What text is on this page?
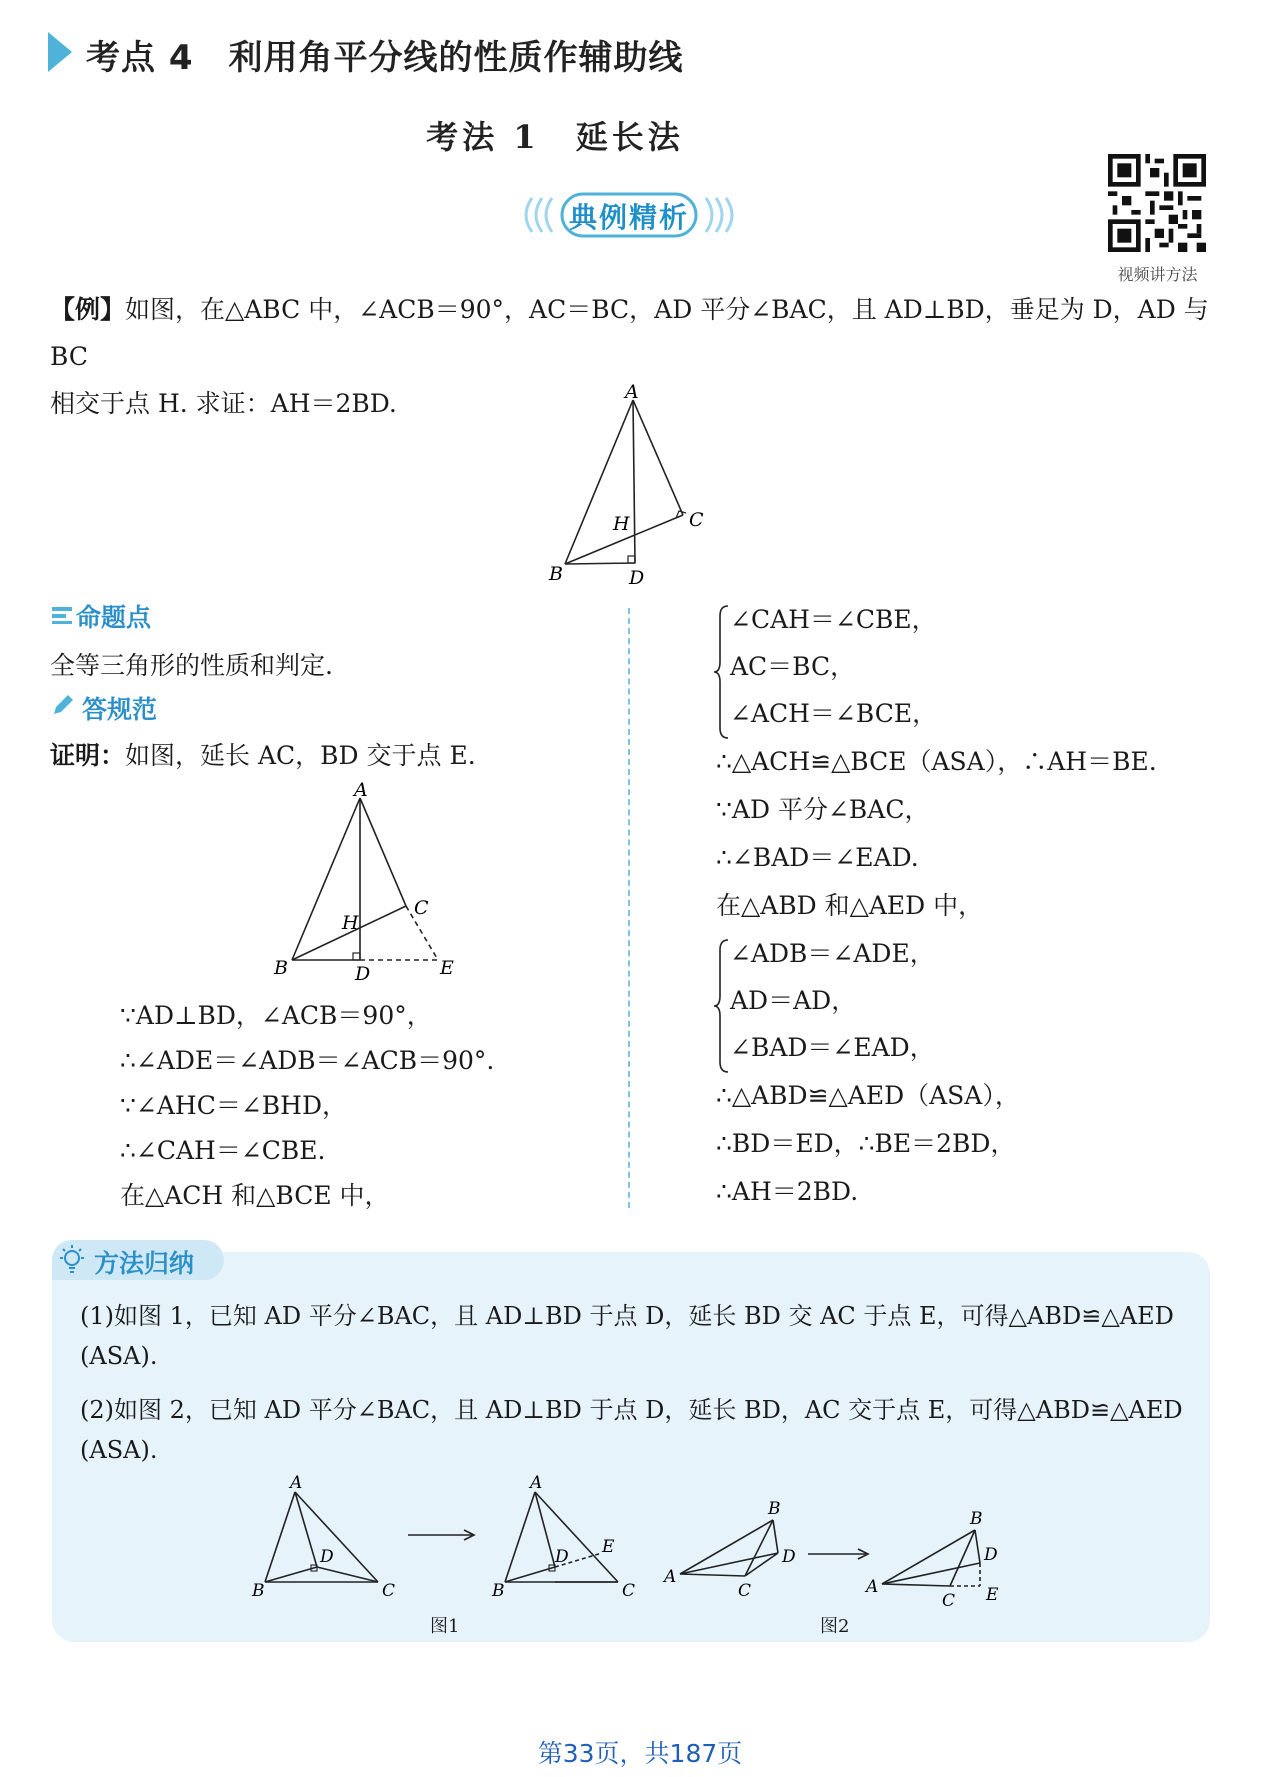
考点 4　利用角平分线的性质作辅助线
考法 1　延长法
典例精析
视频讲方法
【例】如图，在△ABC 中，∠ACB＝90°，AC＝BC，AD 平分∠BAC，且 AD⊥BD，垂足为 D，AD 与 BC
相交于点 H. 求证：AH＝2BD.	A
B
C
D
H
命题点
全等三角形的性质和判定.
答规范
证明：如图，延长 AC，BD 交于点 E.
A
B
C
D
H
E
∵AD⊥BD，∠ACB＝90°，
∴∠ADE＝∠ADB＝∠ACB＝90°.
∵∠AHC＝∠BHD，
∴∠CAH＝∠CBE.
在△ACH 和△BCE 中，
∠CAH＝∠CBE，
AC＝BC，
∠ACH＝∠BCE，
∴△ACH≌△BCE（ASA），∴AH＝BE.
∵AD 平分∠BAC，
∴∠BAD＝∠EAD.
在△ABD 和△AED 中，
∠ADB＝∠ADE，
AD＝AD，
∠BAD＝∠EAD，
∴△ABD≌△AED（ASA），
∴BD＝ED，∴BE＝2BD，
∴AH＝2BD.
方法归纳
(1)如图 1，已知 AD 平分∠BAC，且 AD⊥BD 于点 D，延长 BD 交 AC 于点 E，可得△ABD≌△AED
(ASA).
(2)如图 2，已知 AD 平分∠BAC，且 AD⊥BD 于点 D，延长 BD，AC 交于点 E，可得△ABD≌△AED
(ASA).
A
B	C
D
A
B	C
D E
A
B
C
D
A
B
C
D
E
图1	图2
第33页，共187页
